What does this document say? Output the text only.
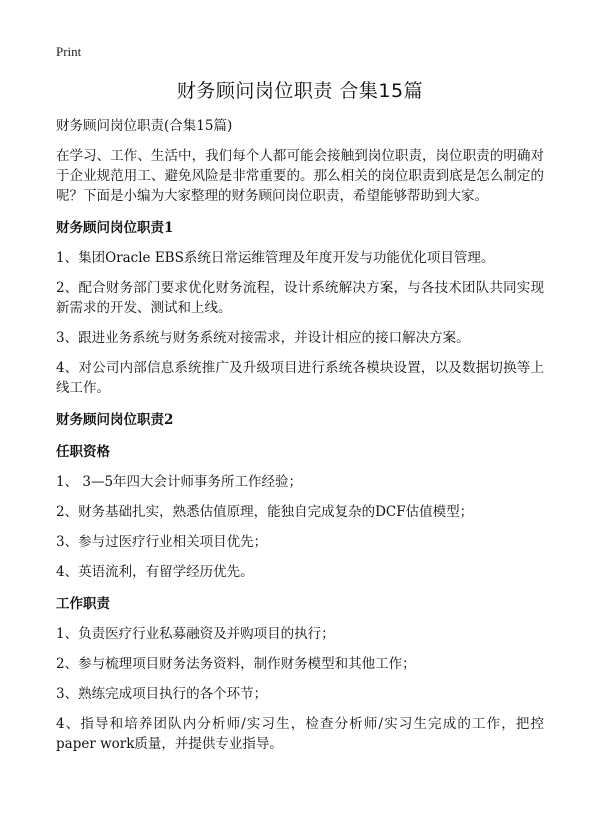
Print
财务顾问岗位职责 合集15篇
财务顾问岗位职责(合集15篇)

在学习、工作、生活中，我们每个人都可能会接触到岗位职责，岗位职责的明确对于企业规范用工、避免风险是非常重要的。那么相关的岗位职责到底是怎么制定的呢？下面是小编为大家整理的财务顾问岗位职责，希望能够帮助到大家。

财务顾问岗位职责1

1、集团Oracle EBS系统日常运维管理及年度开发与功能优化项目管理。

2、配合财务部门要求优化财务流程，设计系统解决方案，与各技术团队共同实现新需求的开发、测试和上线。

3、跟进业务系统与财务系统对接需求，并设计相应的接口解决方案。

4、对公司内部信息系统推广及升级项目进行系统各模块设置，以及数据切换等上线工作。

财务顾问岗位职责2
任职资格

1、 3—5年四大会计师事务所工作经验；

2、财务基础扎实，熟悉估值原理，能独自完成复杂的DCF估值模型；

3、参与过医疗行业相关项目优先；

4、英语流利，有留学经历优先。

工作职责

1、负责医疗行业私募融资及并购项目的执行；

2、参与梳理项目财务法务资料，制作财务模型和其他工作；

3、熟练完成项目执行的各个环节；

4、指导和培养团队内分析师/实习生，检查分析师/实习生完成的工作，把控paper work质量，并提供专业指导。
